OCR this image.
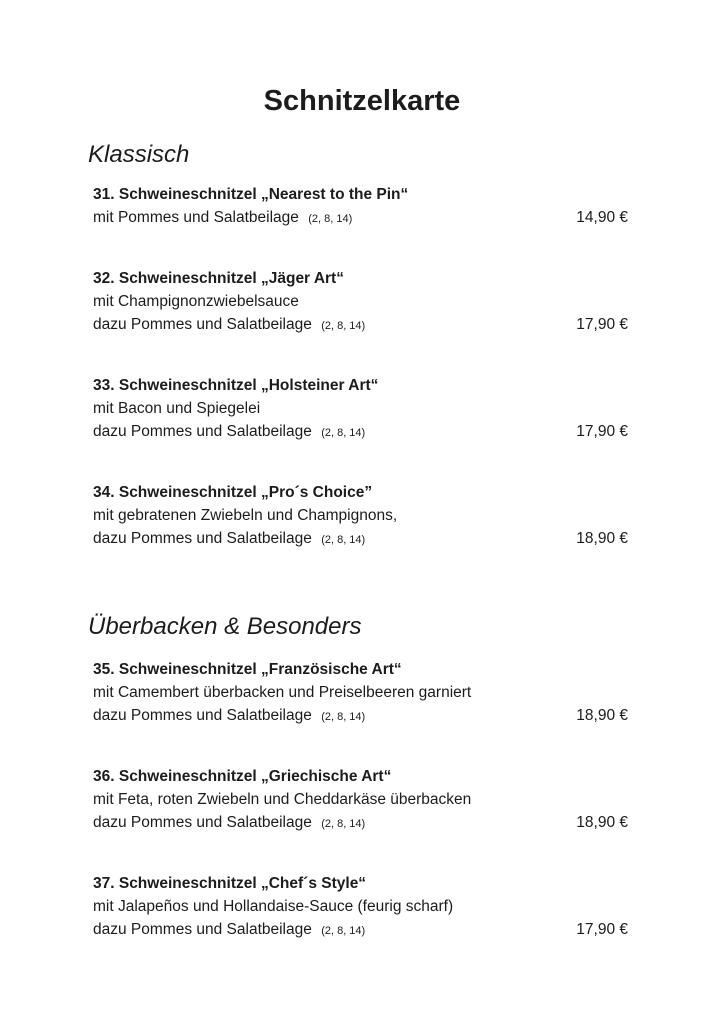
Schnitzelkarte
Klassisch
31. Schweineschnitzel „Nearest to the Pin“
mit Pommes und Salatbeilage (2, 8, 14)	14,90 €
32. Schweineschnitzel „Jäger Art“
mit Champignonzwiebelsauce
dazu Pommes und Salatbeilage (2, 8, 14)	17,90 €
33. Schweineschnitzel „Holsteiner Art“
mit Bacon und Spiegelei
dazu Pommes und Salatbeilage (2, 8, 14)	17,90 €
34. Schweineschnitzel „Pro´s Choice”
mit gebratenen Zwiebeln und Champignons,
dazu Pommes und Salatbeilage (2, 8, 14)	18,90 €
Überbacken & Besonders
35. Schweineschnitzel „Französische Art“
mit Camembert überbacken und Preiselbeeren garniert
dazu Pommes und Salatbeilage (2, 8, 14)	18,90 €
36. Schweineschnitzel „Griechische Art“
mit Feta, roten Zwiebeln und Cheddarkäse überbacken
dazu Pommes und Salatbeilage (2, 8, 14)	18,90 €
37. Schweineschnitzel „Chef´s Style“
mit Jalapeños und Hollandaise-Sauce (feurig scharf)
dazu Pommes und Salatbeilage (2, 8, 14)	17,90 €
